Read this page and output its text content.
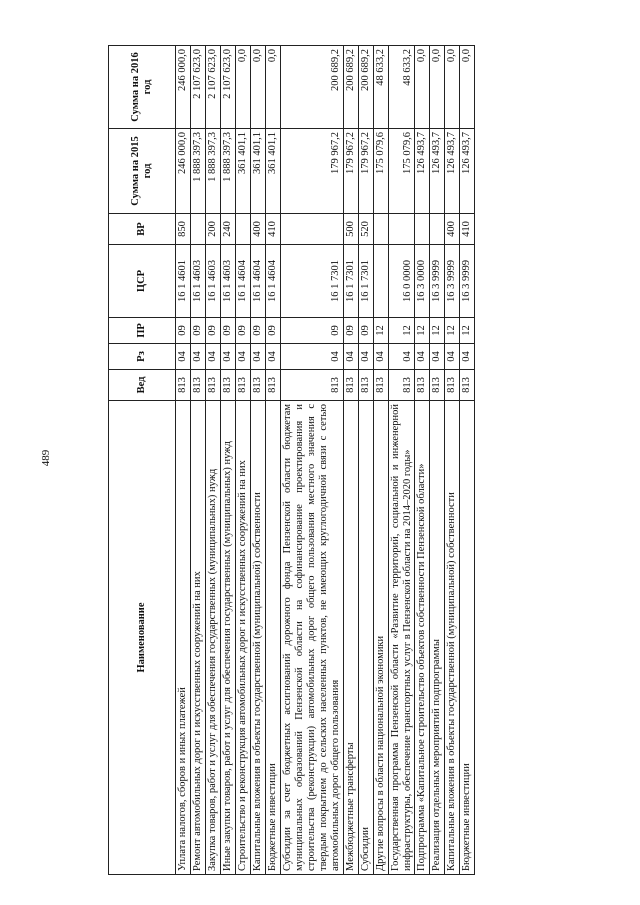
489
Наименование	Вед	Рз	ПР	ЦСР	ВР	Сумма на 2015 год	Сумма на 2016 год
Уплата налогов, сборов и иных платежей	813	04	09	16 1 4601	850	246 000,0	246 000,0
Ремонт автомобильных дорог и искусственных сооружений на них	813	04	09	16 1 4603		1 888 397,3	2 107 623,0
Закупка товаров, работ и услуг для обеспечения государственных (муниципальных) нужд	813	04	09	16 1 4603	200	1 888 397,3	2 107 623,0
Иные закупки товаров, работ и услуг для обеспечения государственных (муниципальных) нужд	813	04	09	16 1 4603	240	1 888 397,3	2 107 623,0
Строительство и реконструкция автомобильных дорог и искусственных сооружений на них	813	04	09	16 1 4604		361 401,1	0,0
Капитальные вложения в объекты государственной (муниципальной) собственности	813	04	09	16 1 4604	400	361 401,1	0,0
Бюджетные инвестиции	813	04	09	16 1 4604	410	361 401,1	0,0
Субсидии за счет бюджетных ассигнований дорожного фонда Пензенской области бюджетам муниципальных образований Пензенской области на софинансирование проектирования и строительства (реконструкции) автомобильных дорог общего пользования местного значения с твердым покрытием до сельских населенных пунктов, не имеющих круглогодичной связи с сетью автомобильных дорог общего пользования	813	04	09	16 1 7301		179 967,2	200 689,2
Межбюджетные трансферты	813	04	09	16 1 7301	500	179 967,2	200 689,2
Субсидии	813	04	09	16 1 7301	520	179 967,2	200 689,2
Другие вопросы в области национальной экономики	813	04	12			175 079,6	48 633,2
Государственная программа Пензенской области «Развитие территорий, социальной и инженерной инфраструктуры, обеспечение транспортных услуг в Пензенской области на 2014–2020 годы»	813	04	12	16 0 0000		175 079,6	48 633,2
Подпрограмма «Капитальное строительство объектов собственности Пензенской области»	813	04	12	16 3 0000		126 493,7	0,0
Реализация отдельных мероприятий подпрограммы	813	04	12	16 3 9999		126 493,7	0,0
Капитальные вложения в объекты государственной (муниципальной) собственности	813	04	12	16 3 9999	400	126 493,7	0,0
Бюджетные инвестиции	813	04	12	16 3 9999	410	126 493,7	0,0
